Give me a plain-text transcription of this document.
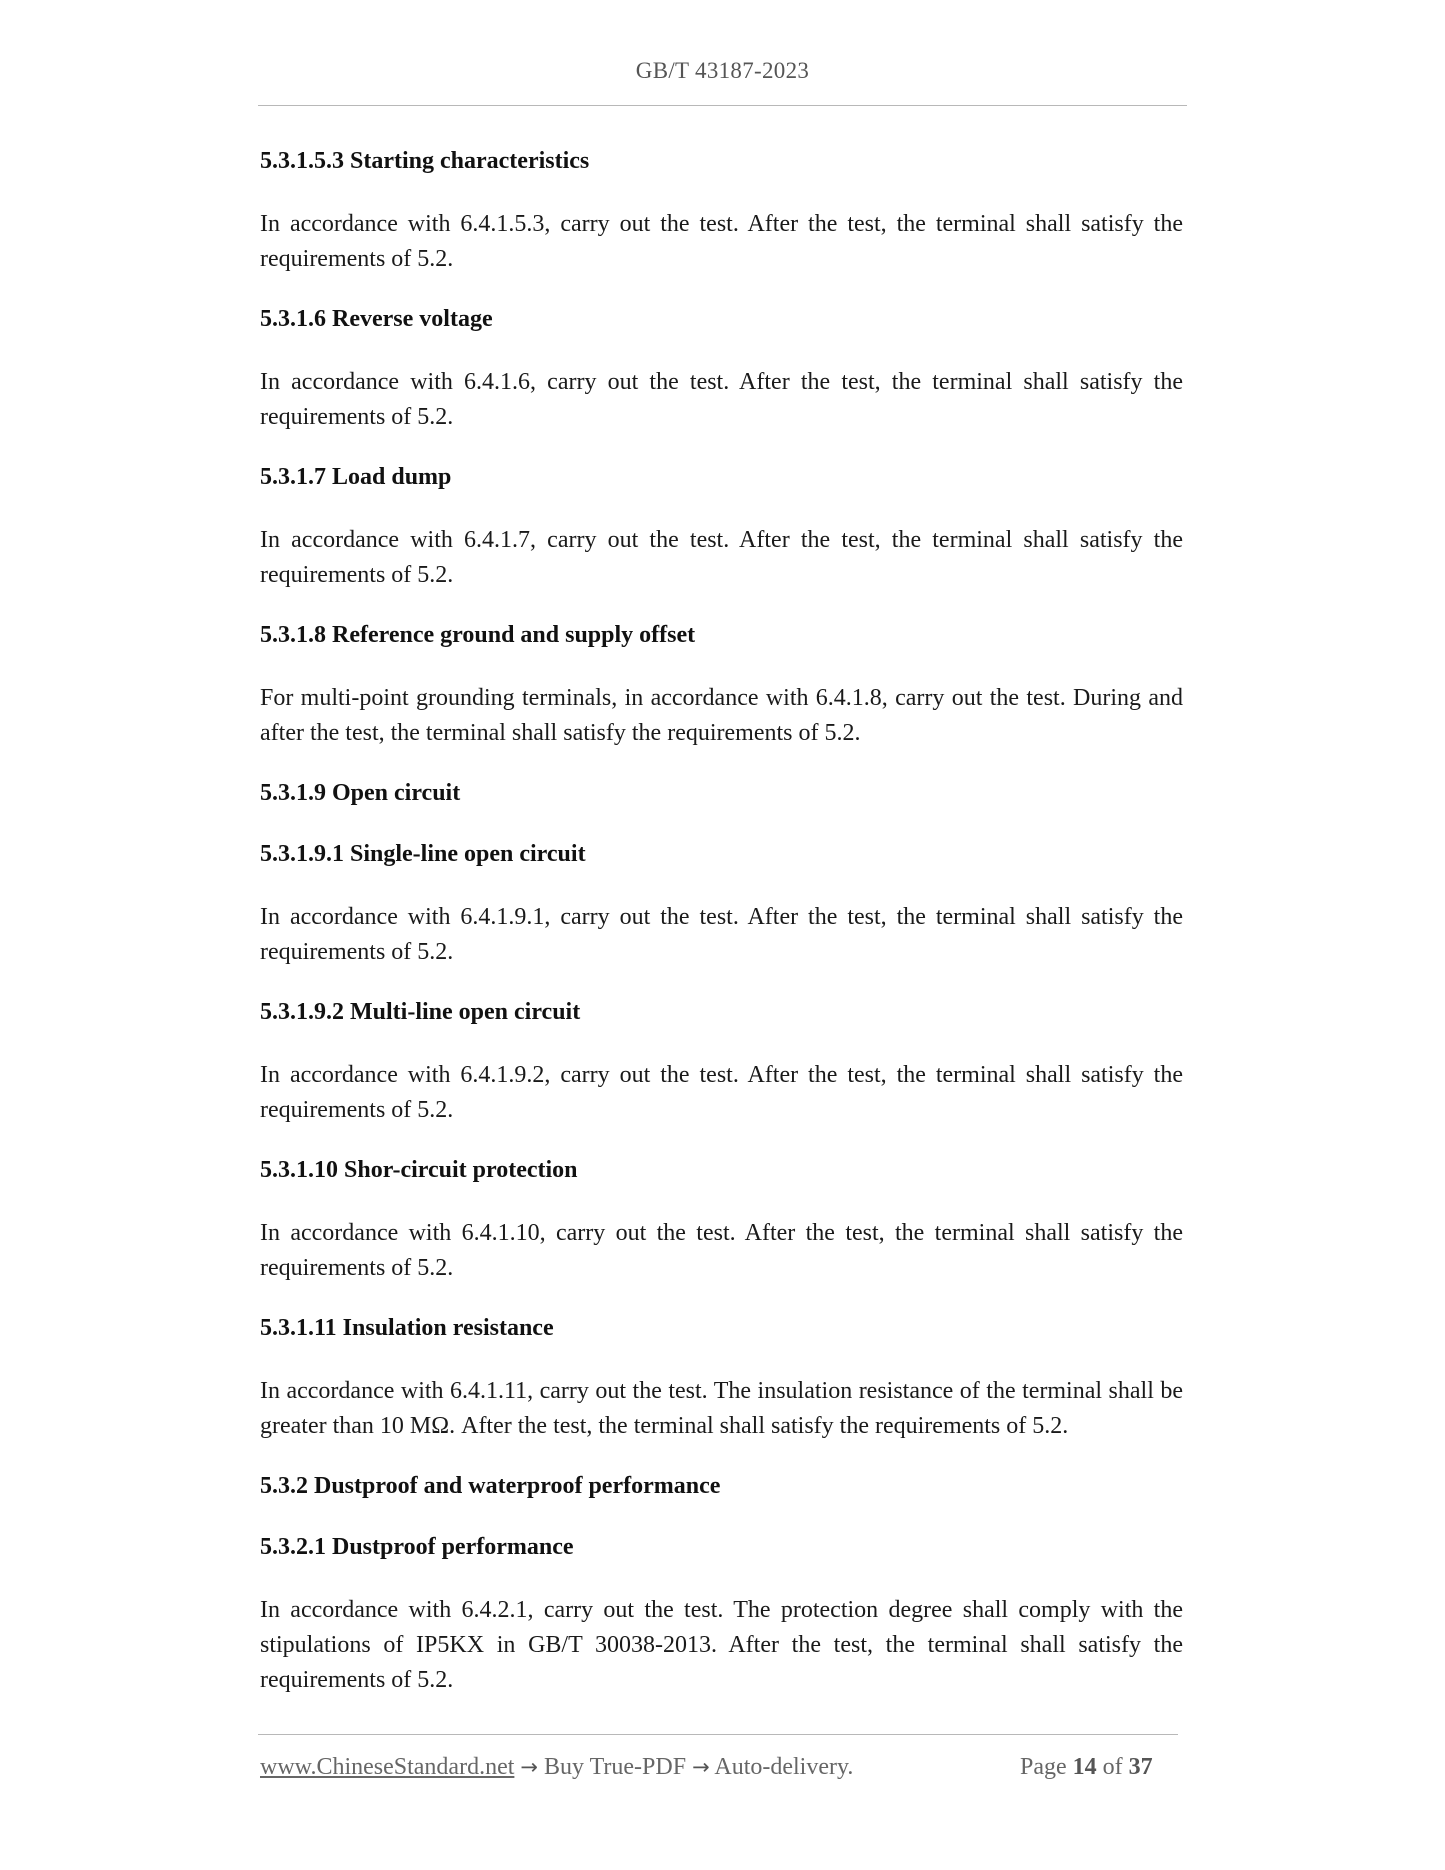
GB/T 43187-2023
5.3.1.5.3 Starting characteristics
In accordance with 6.4.1.5.3, carry out the test. After the test, the terminal shall satisfy the requirements of 5.2.
5.3.1.6 Reverse voltage
In accordance with 6.4.1.6, carry out the test. After the test, the terminal shall satisfy the requirements of 5.2.
5.3.1.7 Load dump
In accordance with 6.4.1.7, carry out the test. After the test, the terminal shall satisfy the requirements of 5.2.
5.3.1.8 Reference ground and supply offset
For multi-point grounding terminals, in accordance with 6.4.1.8, carry out the test. During and after the test, the terminal shall satisfy the requirements of 5.2.
5.3.1.9 Open circuit
5.3.1.9.1 Single-line open circuit
In accordance with 6.4.1.9.1, carry out the test. After the test, the terminal shall satisfy the requirements of 5.2.
5.3.1.9.2 Multi-line open circuit
In accordance with 6.4.1.9.2, carry out the test. After the test, the terminal shall satisfy the requirements of 5.2.
5.3.1.10 Shor-circuit protection
In accordance with 6.4.1.10, carry out the test. After the test, the terminal shall satisfy the requirements of 5.2.
5.3.1.11 Insulation resistance
In accordance with 6.4.1.11, carry out the test. The insulation resistance of the terminal shall be greater than 10 MΩ. After the test, the terminal shall satisfy the requirements of 5.2.
5.3.2 Dustproof and waterproof performance
5.3.2.1 Dustproof performance
In accordance with 6.4.2.1, carry out the test. The protection degree shall comply with the stipulations of IP5KX in GB/T 30038-2013. After the test, the terminal shall satisfy the requirements of 5.2.
www.ChineseStandard.net → Buy True-PDF → Auto-delivery.	Page 14 of 37
